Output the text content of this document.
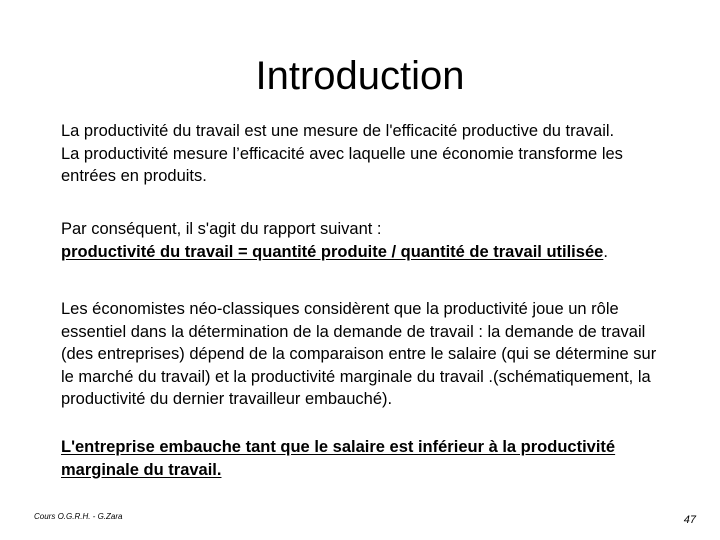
Introduction
La productivité du travail est une mesure de l'efficacité productive du travail.
La productivité mesure l’efficacité avec laquelle une économie transforme les entrées en produits.
Par conséquent, il s'agit du rapport suivant :
productivité du travail = quantité produite / quantité de travail utilisée.
Les économistes néo-classiques considèrent que la productivité joue un rôle essentiel dans la détermination de la demande de travail : la demande de travail (des entreprises) dépend de la comparaison entre le salaire (qui se détermine sur le marché du travail) et la productivité marginale du travail .(schématiquement, la productivité du dernier travailleur embauché).
L'entreprise embauche tant que le salaire est inférieur à la productivité marginale du travail.
Cours O.G.R.H. - G.Zara	47
